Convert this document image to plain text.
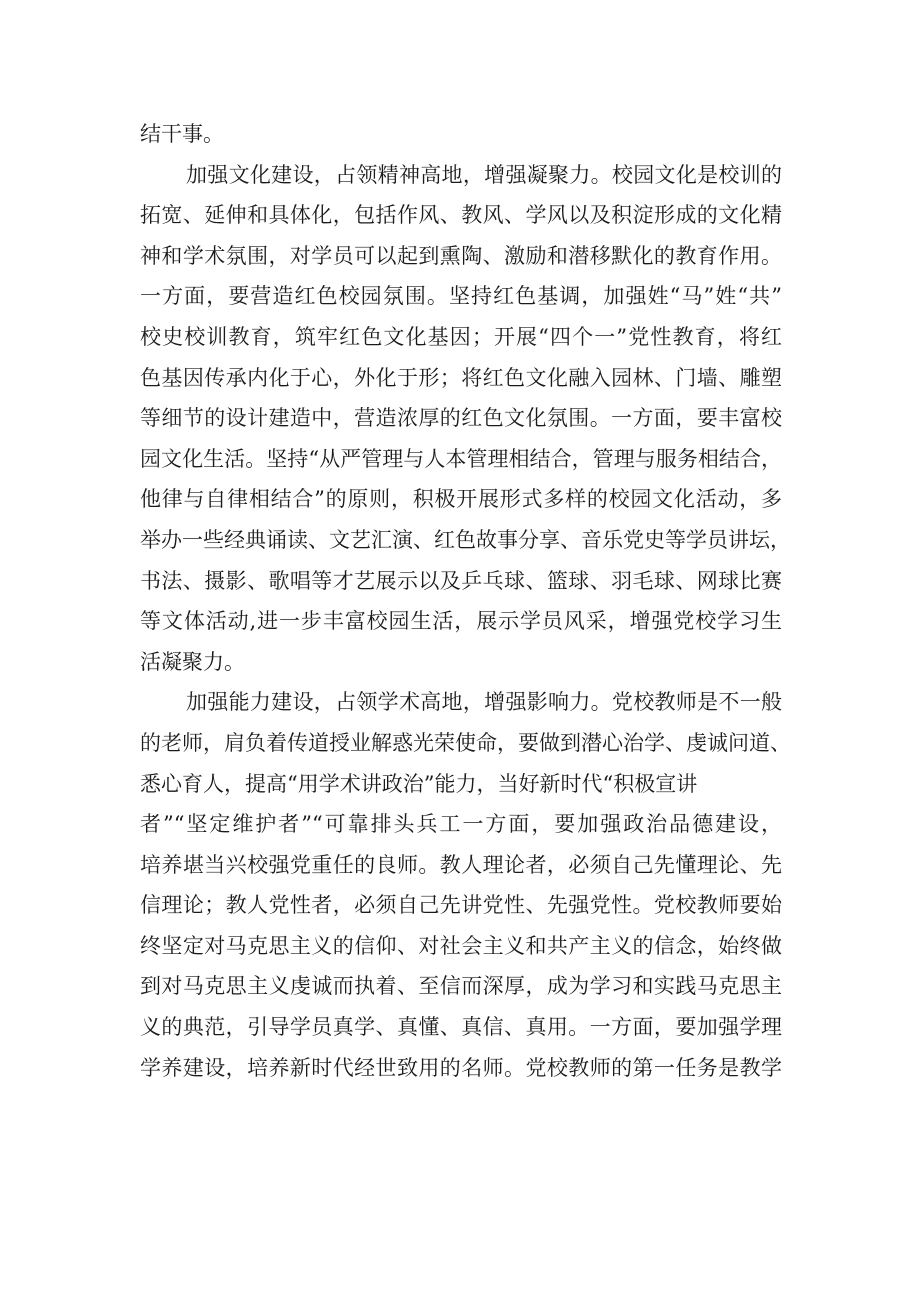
结干事。
加强文化建设，占领精神高地，增强凝聚力。校园文化是校训的
拓宽、延伸和具体化，包括作风、教风、学风以及积淀形成的文化精
神和学术氛围，对学员可以起到熏陶、激励和潜移默化的教育作用。
一方面，要营造红色校园氛围。坚持红色基调，加强姓“马”姓“共”
校史校训教育，筑牢红色文化基因；开展“四个一”党性教育，将红
色基因传承内化于心，外化于形；将红色文化融入园林、门墙、雕塑
等细节的设计建造中，营造浓厚的红色文化氛围。一方面，要丰富校
园文化生活。坚持“从严管理与人本管理相结合，管理与服务相结合，
他律与自律相结合”的原则，积极开展形式多样的校园文化活动，多
举办一些经典诵读、文艺汇演、红色故事分享、音乐党史等学员讲坛，
书法、摄影、歌唱等才艺展示以及乒乓球、篮球、羽毛球、网球比赛
等文体活动,进一步丰富校园生活，展示学员风采，增强党校学习生
活凝聚力。
加强能力建设，占领学术高地，增强影响力。党校教师是不一般
的老师，肩负着传道授业解惑光荣使命，要做到潜心治学、虔诚问道、
悉心育人，提高“用学术讲政治”能力，当好新时代“积极宣讲
者”“坚定维护者”“可靠排头兵工一方面，要加强政治品德建设，
培养堪当兴校强党重任的良师。教人理论者，必须自己先懂理论、先
信理论；教人党性者，必须自己先讲党性、先强党性。党校教师要始
终坚定对马克思主义的信仰、对社会主义和共产主义的信念，始终做
到对马克思主义虔诚而执着、至信而深厚，成为学习和实践马克思主
义的典范，引导学员真学、真懂、真信、真用。一方面，要加强学理
学养建设，培养新时代经世致用的名师。党校教师的第一任务是教学
